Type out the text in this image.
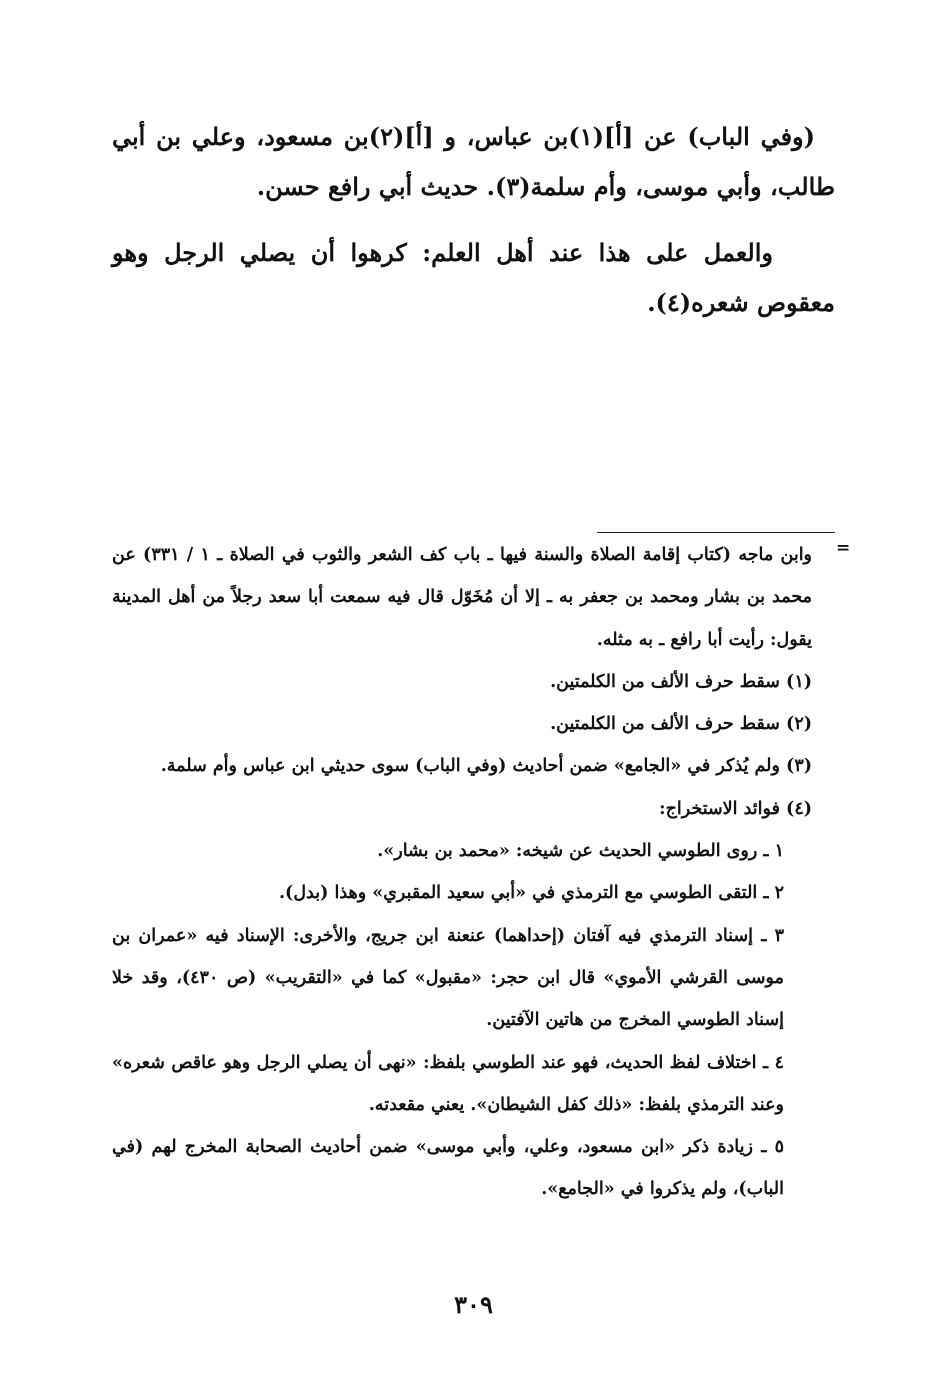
(وفي الباب) عن [أ](١)بن عباس، و [أ](٢)بن مسعود، وعلي بن أبي طالب، وأبي موسى، وأم سلمة(٣). حديث أبي رافع حسن.

والعمل على هذا عند أهل العلم: كرهوا أن يصلي الرجل وهو معقوص شعره(٤).

=
وابن ماجه (كتاب إقامة الصلاة والسنة فيها ـ باب كف الشعر والثوب في الصلاة ـ ١ / ٣٣١) عن محمد بن بشار ومحمد بن جعفر به ـ إلا أن مُخَوّل قال فيه سمعت أبا سعد رجلاً من أهل المدينة يقول: رأيت أبا رافع ـ به مثله.
(١) سقط حرف الألف من الكلمتين.
(٢) سقط حرف الألف من الكلمتين.
(٣) ولم يُذكر في «الجامع» ضمن أحاديث (وفي الباب) سوى حديثي ابن عباس وأم سلمة.
(٤) فوائد الاستخراج:
١ ـ روى الطوسي الحديث عن شيخه: «محمد بن بشار».
٢ ـ التقى الطوسي مع الترمذي في «أبي سعيد المقبري» وهذا (بدل).
٣ ـ إسناد الترمذي فيه آفتان (إحداهما) عنعنة ابن جريج، والأخرى: الإسناد فيه «عمران بن موسى القرشي الأموي» قال ابن حجر: «مقبول» كما في «التقريب» (ص ٤٣٠)، وقد خلا إسناد الطوسي المخرج من هاتين الآفتين.
٤ ـ اختلاف لفظ الحديث، فهو عند الطوسي بلفظ: «نهى أن يصلي الرجل وهو عاقص شعره» وعند الترمذي بلفظ: «ذلك كفل الشيطان». يعني مقعدته.
٥ ـ زيادة ذكر «ابن مسعود، وعلي، وأبي موسى» ضمن أحاديث الصحابة المخرج لهم (في الباب)، ولم يذكروا في «الجامع».
٣٠٩
